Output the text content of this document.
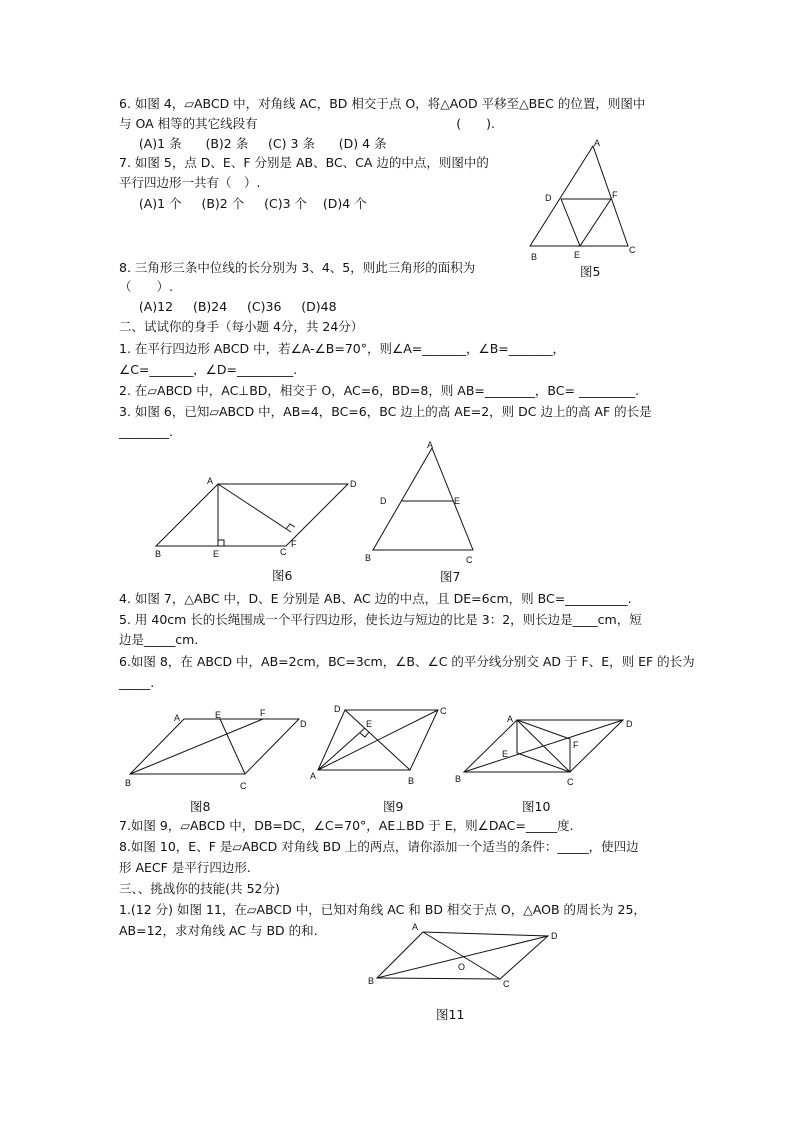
6. 如图 4，▱ABCD 中，对角线 AC，BD 相交于点 O，将△AOD 平移至△BEC 的位置，则图中
与 OA 相等的其它线段有                                                  (　　).
(A)1 条      (B)2 条     (C) 3 条      (D) 4 条
7. 如图 5，点 D、E、F 分别是 AB、BC、CA 边的中点，则图中的
平行四边形一共有（　）.
(A)1 个     (B)2 个     (C)3 个    (D)4 个
8. 三角形三条中位线的长分别为 3、4、5，则此三角形的面积为
（　　）.
(A)12     (B)24     (C)36     (D)48
二、试试你的身手（每小题 4分，共 24分）
1. 在平行四边形 ABCD 中，若∠A-∠B=70°，则∠A=_______，∠B=_______，
∠C=_______，∠D=_________.
2. 在▱ABCD 中，AC⊥BD，相交于 O，AC=6，BD=8，则 AB=________，BC= _________.
3. 如图 6，已知▱ABCD 中，AB=4，BC=6，BC 边上的高 AE=2，则 DC 边上的高 AF 的长是
________.
4. 如图 7，△ABC 中，D、E 分别是 AB、AC 边的中点，且 DE=6cm，则 BC=__________.
5. 用 40cm 长的长绳围成一个平行四边形，使长边与短边的比是 3：2，则长边是____cm，短
边是_____cm.
6.如图 8，在 ABCD 中，AB=2cm，BC=3cm，∠B、∠C 的平分线分别交 AD 于 F、E，则 EF 的长为
_____.
7.如图 9，▱ABCD 中，DB=DC，∠C=70°，AE⊥BD 于 E，则∠DAC=_____度.
8.如图 10，E、F 是▱ABCD 对角线 BD 上的两点，请你添加一个适当的条件：_____，使四边
形 AECF 是平行四边形.
三、、挑战你的技能(共 52分)
1.(12 分) 如图 11，在▱ABCD 中，已知对角线 AC 和 BD 相交于点 O，△AOB 的周长为 25，
AB=12，求对角线 AC 与 BD 的和.
A
D	F
B	E	C
图5
A	D
B	E	C
F
图6
A
D	E
B	C
图7
A	E	F
D
B	C
图8
D	C
E
A	B
图9
A	D
E
F
B	C
图10
A
D
O
B	C
图11
